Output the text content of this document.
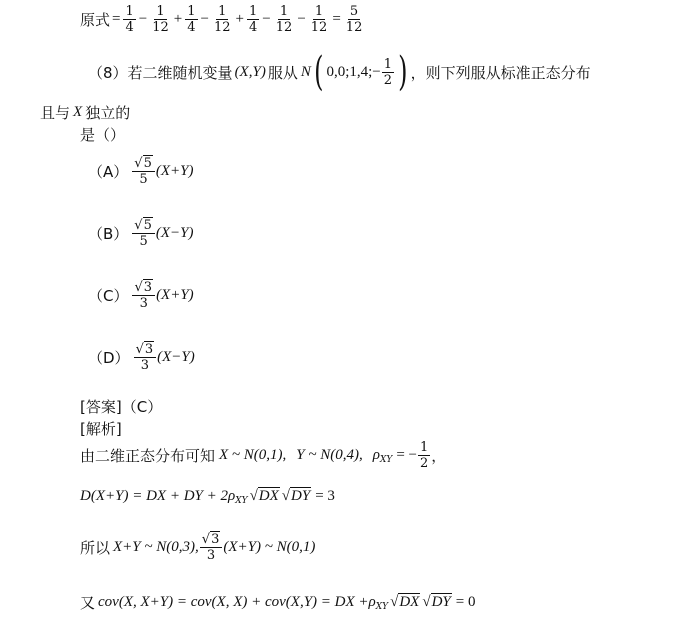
原式 = $\frac{1}{4} - \frac{1}{12} + \frac{1}{4} - \frac{1}{12} + \frac{1}{4} - \frac{1}{12} - \frac{1}{12} = \frac{5}{12}$
（8） 若二维随机变量 (X,Y) 服从 N ( 0,0;1,4;− $\frac{1}{2}$ ) ，则下列服从标准正态分布
且与 X 独立的
是（）
$(A) \frac{√5}{5} (X+Y)$
$(B) \frac{√5}{5} (X-Y)$
$(C) \frac{√3}{3} (X+Y)$
$(D) \frac{√3}{3} (X-Y)$
[答案] （C）
[解析]
由二维正态分布可知 X ~ N(0,1), Y ~ N(0,4), ρ XY = − $\frac{1}{2}$ ，
D(X+Y) = DX + DY + 2 ρ XY √ DX √ DY = 3
所以 X+Y ~ N(0,3), $\frac{√3}{3} (X+Y)$ ~ N(0,1)
又 cov(X, X+Y) = cov(X, X) + cov(X,Y) = DX + ρ XY √ DX √ DY = 0
